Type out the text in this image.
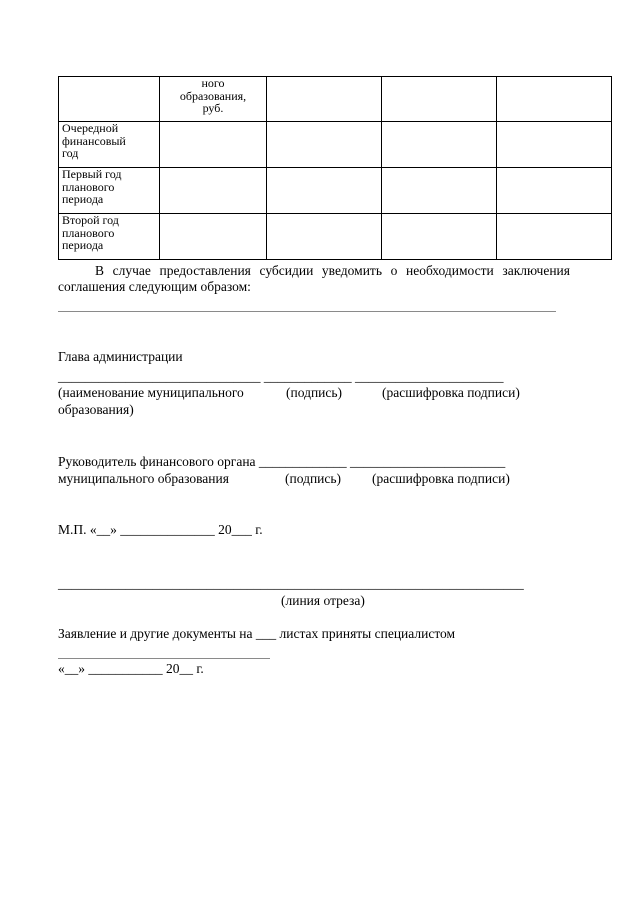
	ного
образования,
руб.			

Очередной
финансовый
год				

Первый год
планового
периода				

Второй год
планового
периода				

В случае предоставления субсидии уведомить о необходимости заключения соглашения следующим образом:
Глава администрации
______________________________ _____________ ______________________
(наименование муниципального	(подпись)	(расшифровка подписи)
образования)
Руководитель финансового органа _____________ _______________________
муниципального образования	(подпись) (расшифровка подписи)
М.П. «__» ______________ 20___ г.
_____________________________________________________________________
(линия отреза)
Заявление и другие документы на ___ листах приняты специалистом
«__» ___________ 20__ г.
